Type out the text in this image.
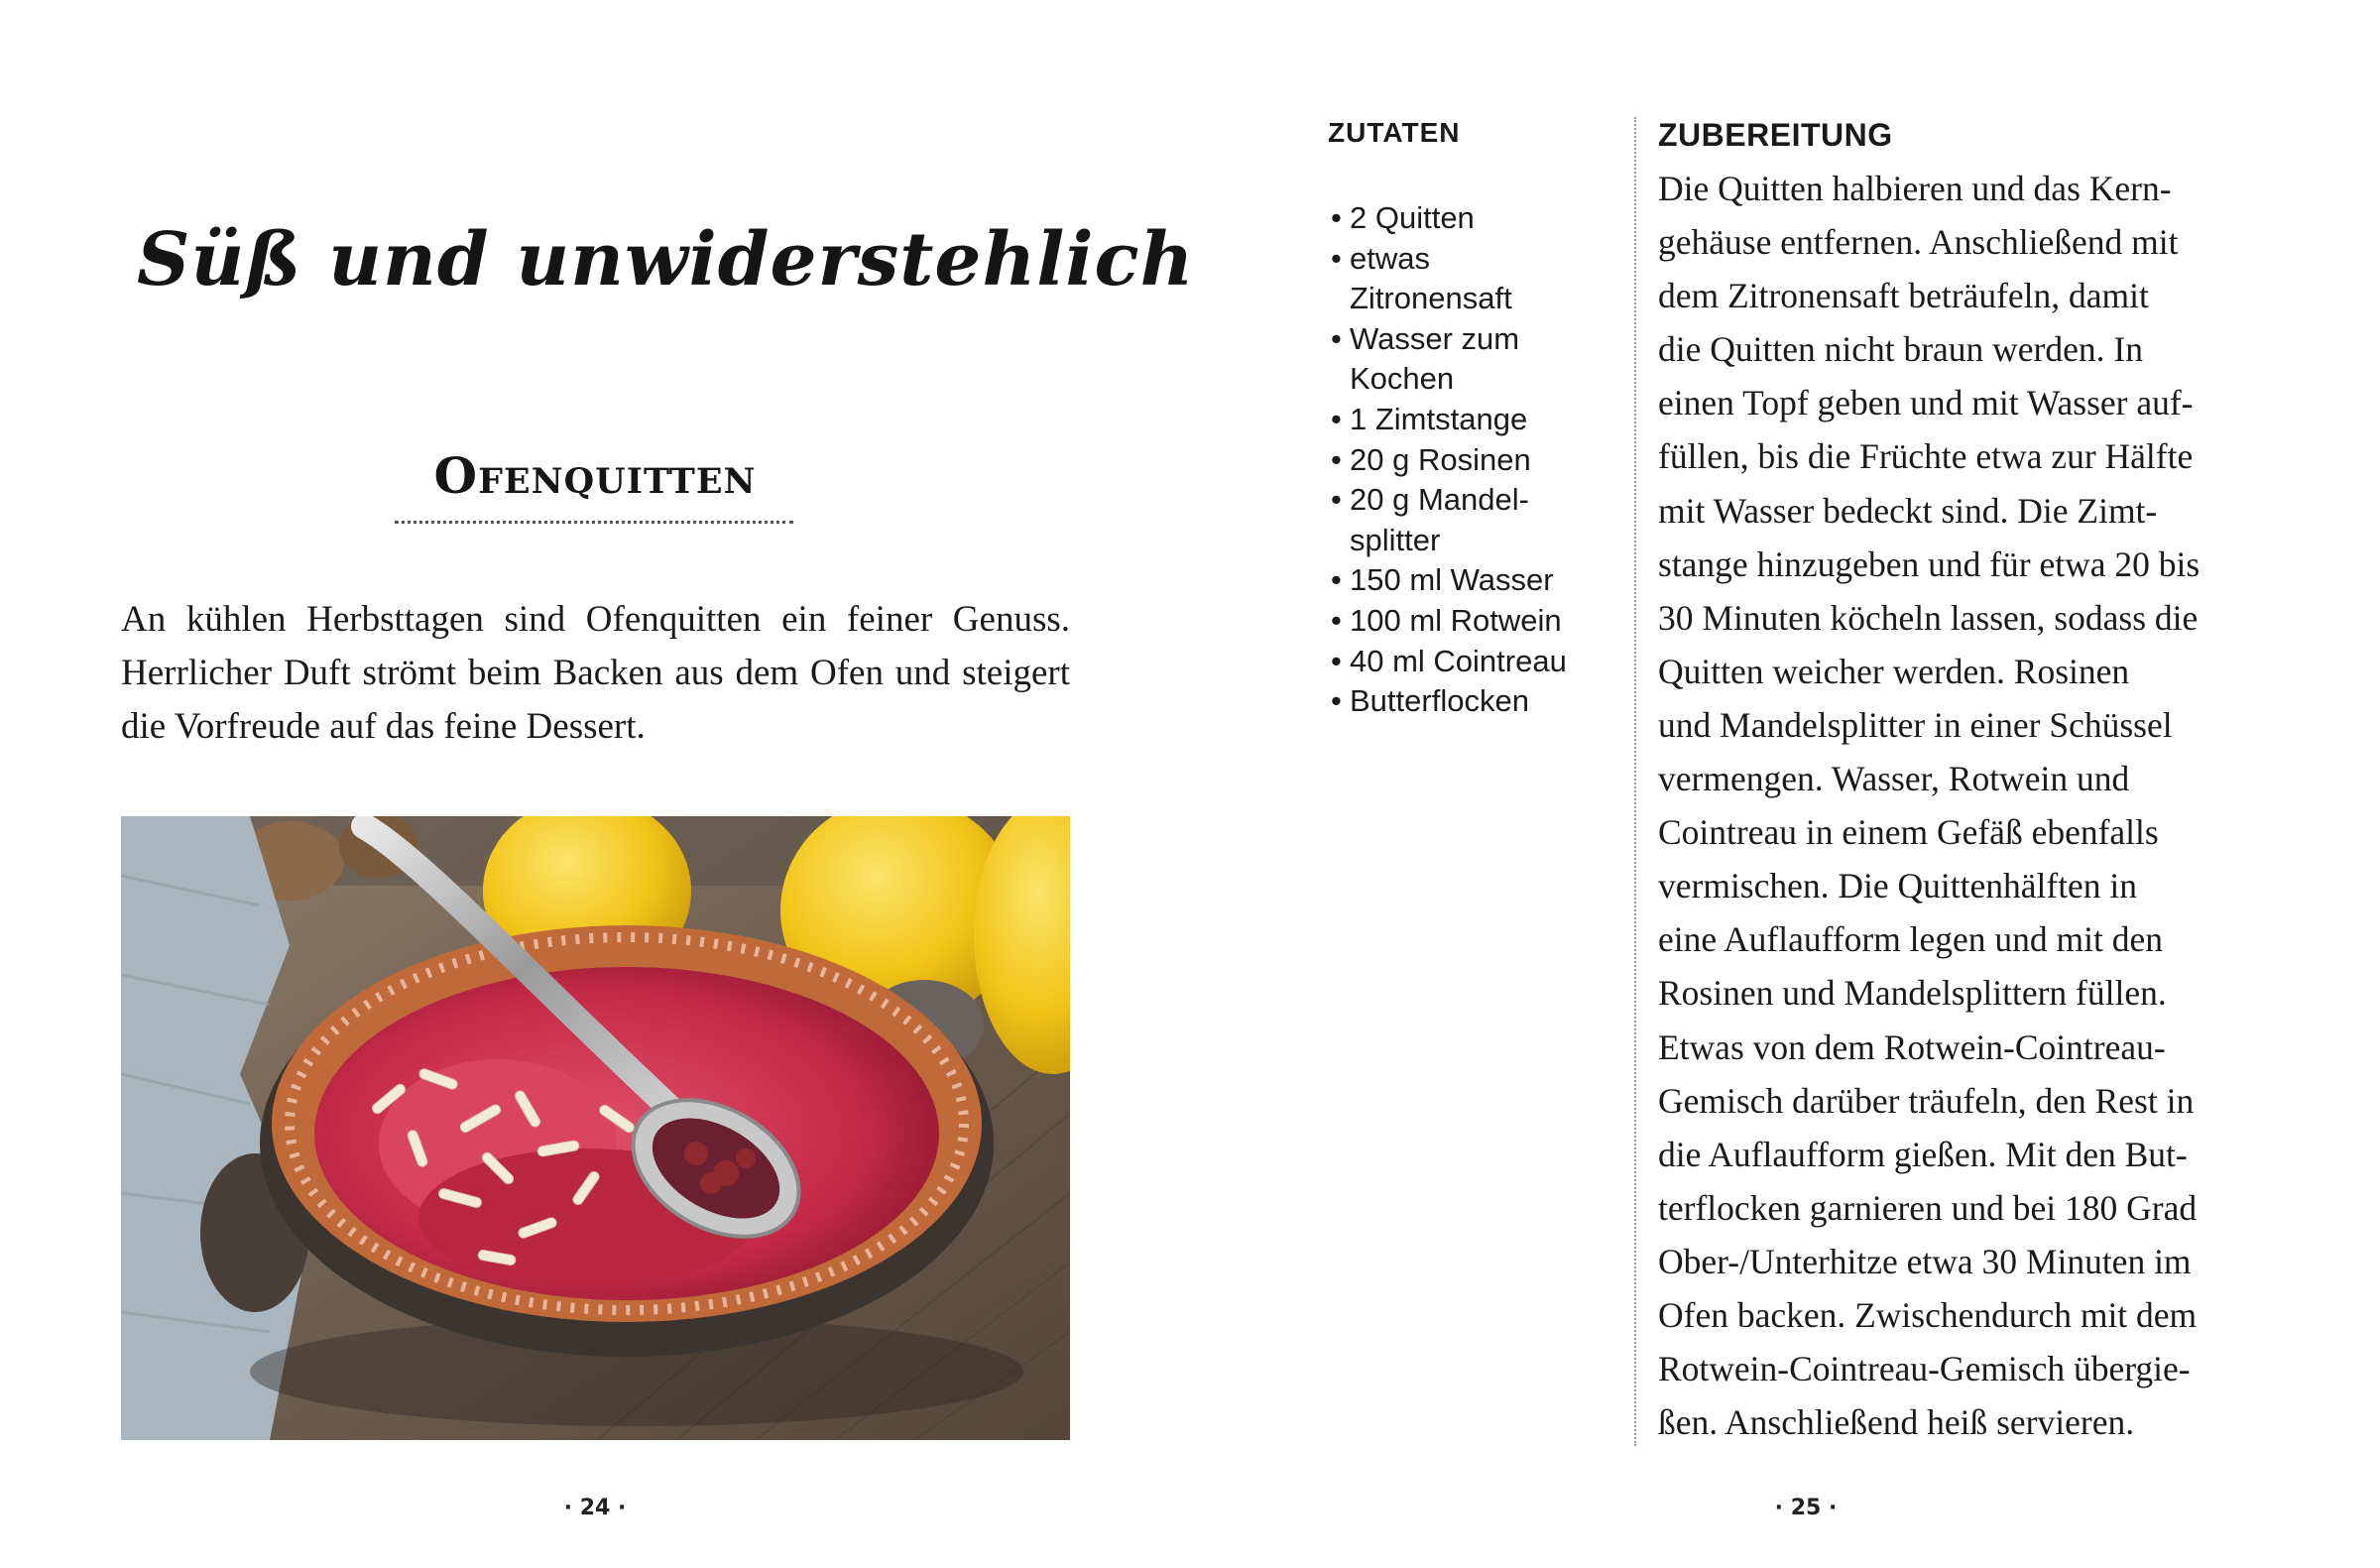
Süß und unwiderstehlich
Ofenquitten

An kühlen Herbsttagen sind Ofenquitten ein feiner Genuss. Herrlicher Duft strömt beim Backen aus dem Ofen und steigert die Vorfreude auf das feine Dessert.

· 24 ·
ZUTATEN
• 2 Quitten
• etwas
Zitronensaft
• Wasser zum
Kochen
• 1 Zimtstange
• 20 g Rosinen
• 20 g Mandel-
splitter
• 150 ml Wasser
• 100 ml Rotwein
• 40 ml Cointreau
• Butterflocken
ZUBEREITUNG

Die Quitten halbieren und das Kern-
gehäuse entfernen. Anschließend mit
dem Zitronensaft beträufeln, damit
die Quitten nicht braun werden. In
einen Topf geben und mit Wasser auf-
füllen, bis die Früchte etwa zur Hälfte
mit Wasser bedeckt sind. Die Zimt-
stange hinzugeben und für etwa 20 bis
30 Minuten köcheln lassen, sodass die
Quitten weicher werden. Rosinen
und Mandelsplitter in einer Schüssel
vermengen. Wasser, Rotwein und
Cointreau in einem Gefäß ebenfalls
vermischen. Die Quittenhälften in
eine Auflaufform legen und mit den
Rosinen und Mandelsplittern füllen.
Etwas von dem Rotwein-Cointreau-
Gemisch darüber träufeln, den Rest in
die Auflaufform gießen. Mit den But-
terflocken garnieren und bei 180 Grad
Ober-/Unterhitze etwa 30 Minuten im
Ofen backen. Zwischendurch mit dem
Rotwein-Cointreau-Gemisch übergie-
ßen. Anschließend heiß servieren.

· 25 ·
